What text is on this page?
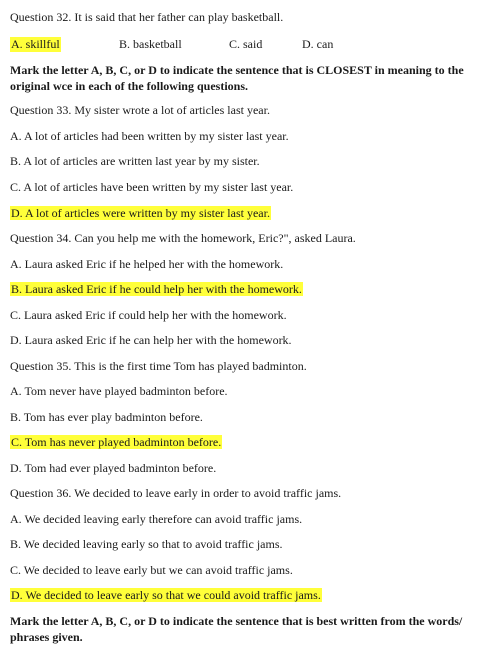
Question 32. It is said that her father can play basketball.
A. skillful	B. basketball	C. said	D. can
Mark the letter A, B, C, or D to indicate the sentence that is CLOSEST in meaning to the
original wce in each of the following questions.
Question 33. My sister wrote a lot of articles last year.
A. A lot of articles had been written by my sister last year.
B. A lot of articles are written last year by my sister.
C. A lot of articles have been written by my sister last year.
D. A lot of articles were written by my sister last year.
Question 34. Can you help me with the homework, Eric?", asked Laura.
A. Laura asked Eric if he helped her with the homework.
B. Laura asked Eric if he could help her with the homework.
C. Laura asked Eric if could help her with the homework.
D. Laura asked Eric if he can help her with the homework.
Question 35. This is the first time Tom has played badminton.
A. Tom never have played badminton before.
B. Tom has ever play badminton before.
C. Tom has never played badminton before.
D. Tom had ever played badminton before.
Question 36. We decided to leave early in order to avoid traffic jams.
A. We decided leaving early therefore can avoid traffic jams.
B. We decided leaving early so that to avoid traffic jams.
C. We decided to leave early but we can avoid traffic jams.
D. We decided to leave early so that we could avoid traffic jams.
Mark the letter A, B, C, or D to indicate the sentence that is best written from the words/
phrases given.
